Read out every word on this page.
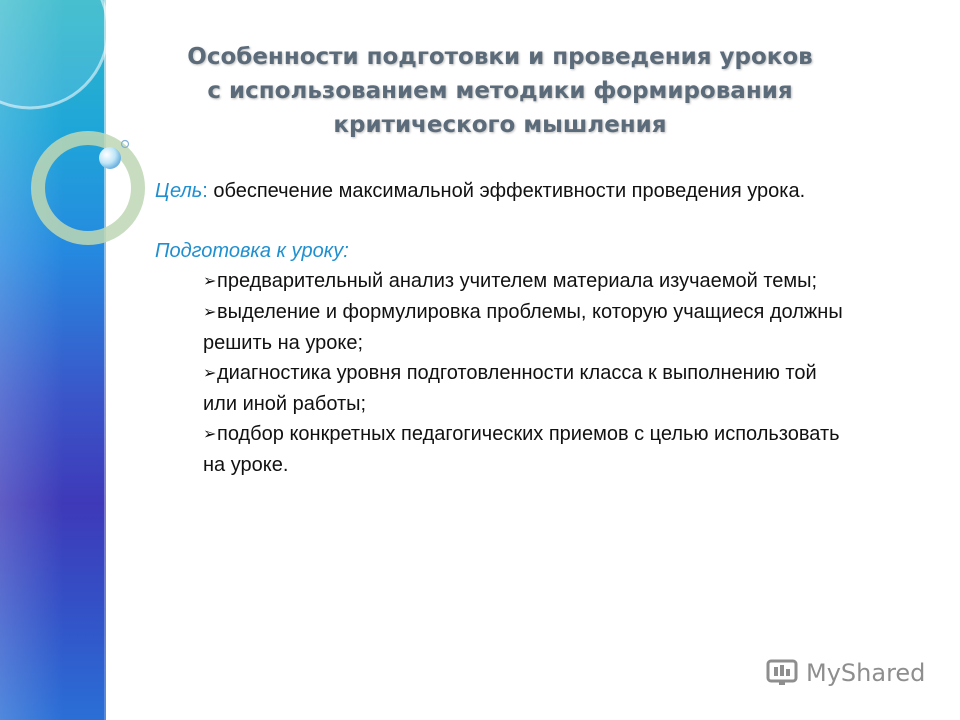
Особенности подготовки и проведения уроков
с использованием методики формирования
критического мышления
Цель: обеспечение максимальной эффективности проведения урока.
Подготовка к уроку:
➢предварительный анализ учителем материала изучаемой темы;
➢выделение и формулировка проблемы, которую учащиеся должны решить на уроке;
➢диагностика уровня подготовленности класса к выполнению той или иной работы;
➢подбор конкретных педагогических приемов с целью использовать на уроке.
MyShared
